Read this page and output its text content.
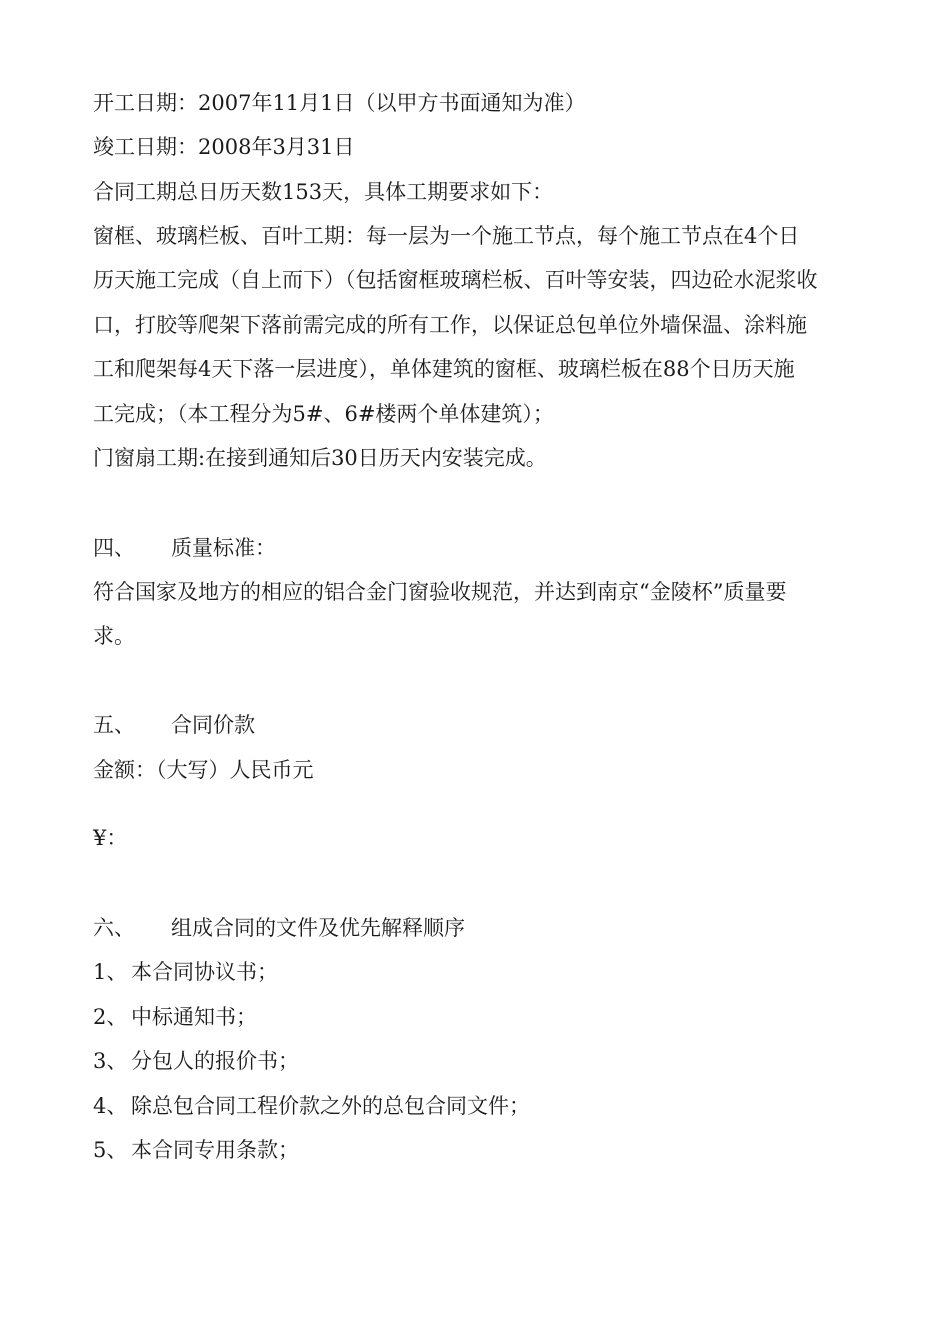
开工日期：2007年11月1日（以甲方书面通知为准）
竣工日期：2008年3月31日
合同工期总日历天数153天，具体工期要求如下：
窗框、玻璃栏板、百叶工期：每一层为一个施工节点，每个施工节点在4个日
历天施工完成（自上而下）（包括窗框玻璃栏板、百叶等安装，四边砼水泥浆收
口，打胶等爬架下落前需完成的所有工作，以保证总包单位外墙保温、涂料施
工和爬架每4天下落一层进度），单体建筑的窗框、玻璃栏板在88个日历天施
工完成；（本工程分为5#、6#楼两个单体建筑）；
门窗扇工期:在接到通知后30日历天内安装完成。
四、 质量标准：
符合国家及地方的相应的铝合金门窗验收规范，并达到南京“金陵杯”质量要
求。
五、 合同价款
金额：（大写）人民币元
¥：
六、 组成合同的文件及优先解释顺序
1、 本合同协议书；
2、 中标通知书；
3、 分包人的报价书；
4、 除总包合同工程价款之外的总包合同文件；
5、 本合同专用条款；
